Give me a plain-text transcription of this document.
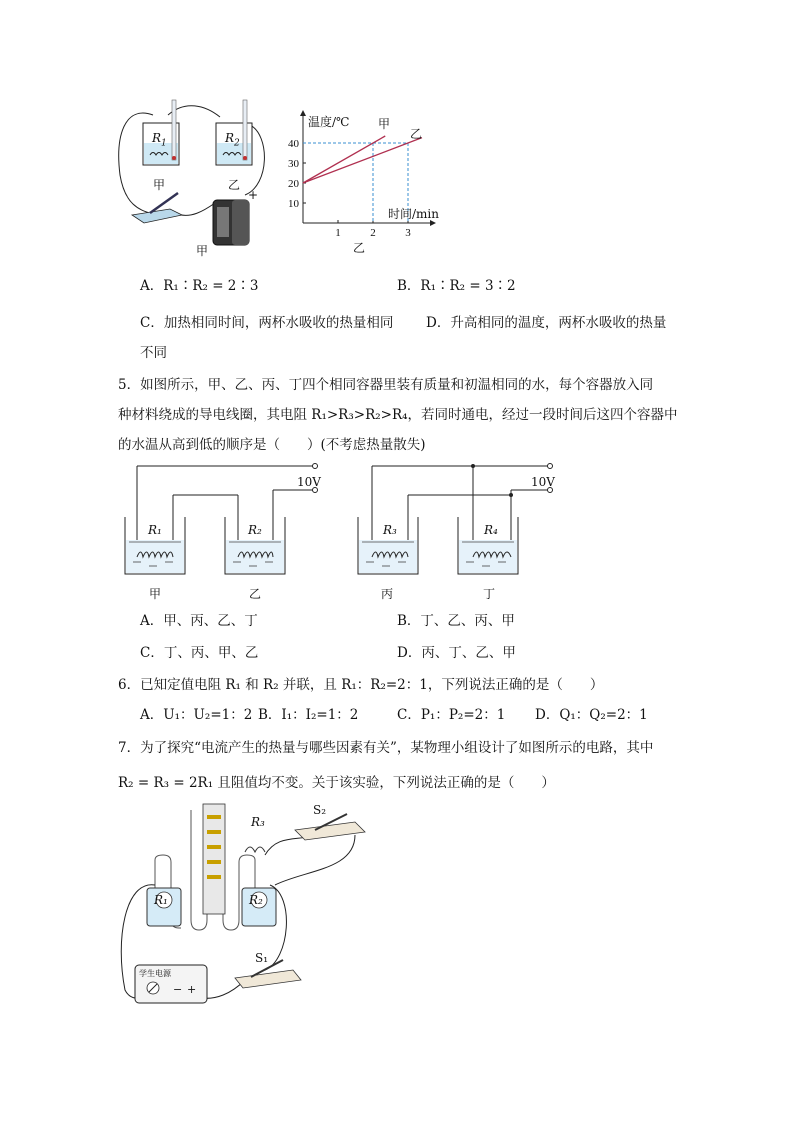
$R_1$	$R_2$
甲	乙
+
甲
1	2	3
10
20
30
40
温度/℃
时间/min
甲
乙
乙
A．R₁∶R₂ = 2∶3	B．R₁∶R₂ = 3∶2
C．加热相同时间，两杯水吸收的热量相同 D．升高相同的温度，两杯水吸收的热量
不同
5．如图所示，甲、乙、丙、丁四个相同容器里装有质量和初温相同的水，每个容器放入同
种材料绕成的导电线圈，其电阻 R₁>R₃>R₂>R₄，若同时通电，经过一段时间后这四个容器中
的水温从高到低的顺序是（　　）(不考虑热量散失)
10V	10V
R₁	R₂	R₃	R₄
甲	乙	丙	丁
A．甲、丙、乙、丁	B．丁、乙、丙、甲
C．丁、丙、甲、乙	D．丙、丁、乙、甲
6．已知定值电阻 R₁ 和 R₂ 并联，且 R₁：R₂=2：1，下列说法正确的是（　　）
A．U₁：U₂=1：2 B．I₁：I₂=1：2	C．P₁：P₂=2：1 D．Q₁：Q₂=2：1
7．为了探究“电流产生的热量与哪些因素有关”，某物理小组设计了如图所示的电路，其中
R₂ = R₃ = 2R₁ 且阻值均不变。关于该实验，下列说法正确的是（　　）
R₁	R₂
R₃
S₂
S₁
学生电源
− +
